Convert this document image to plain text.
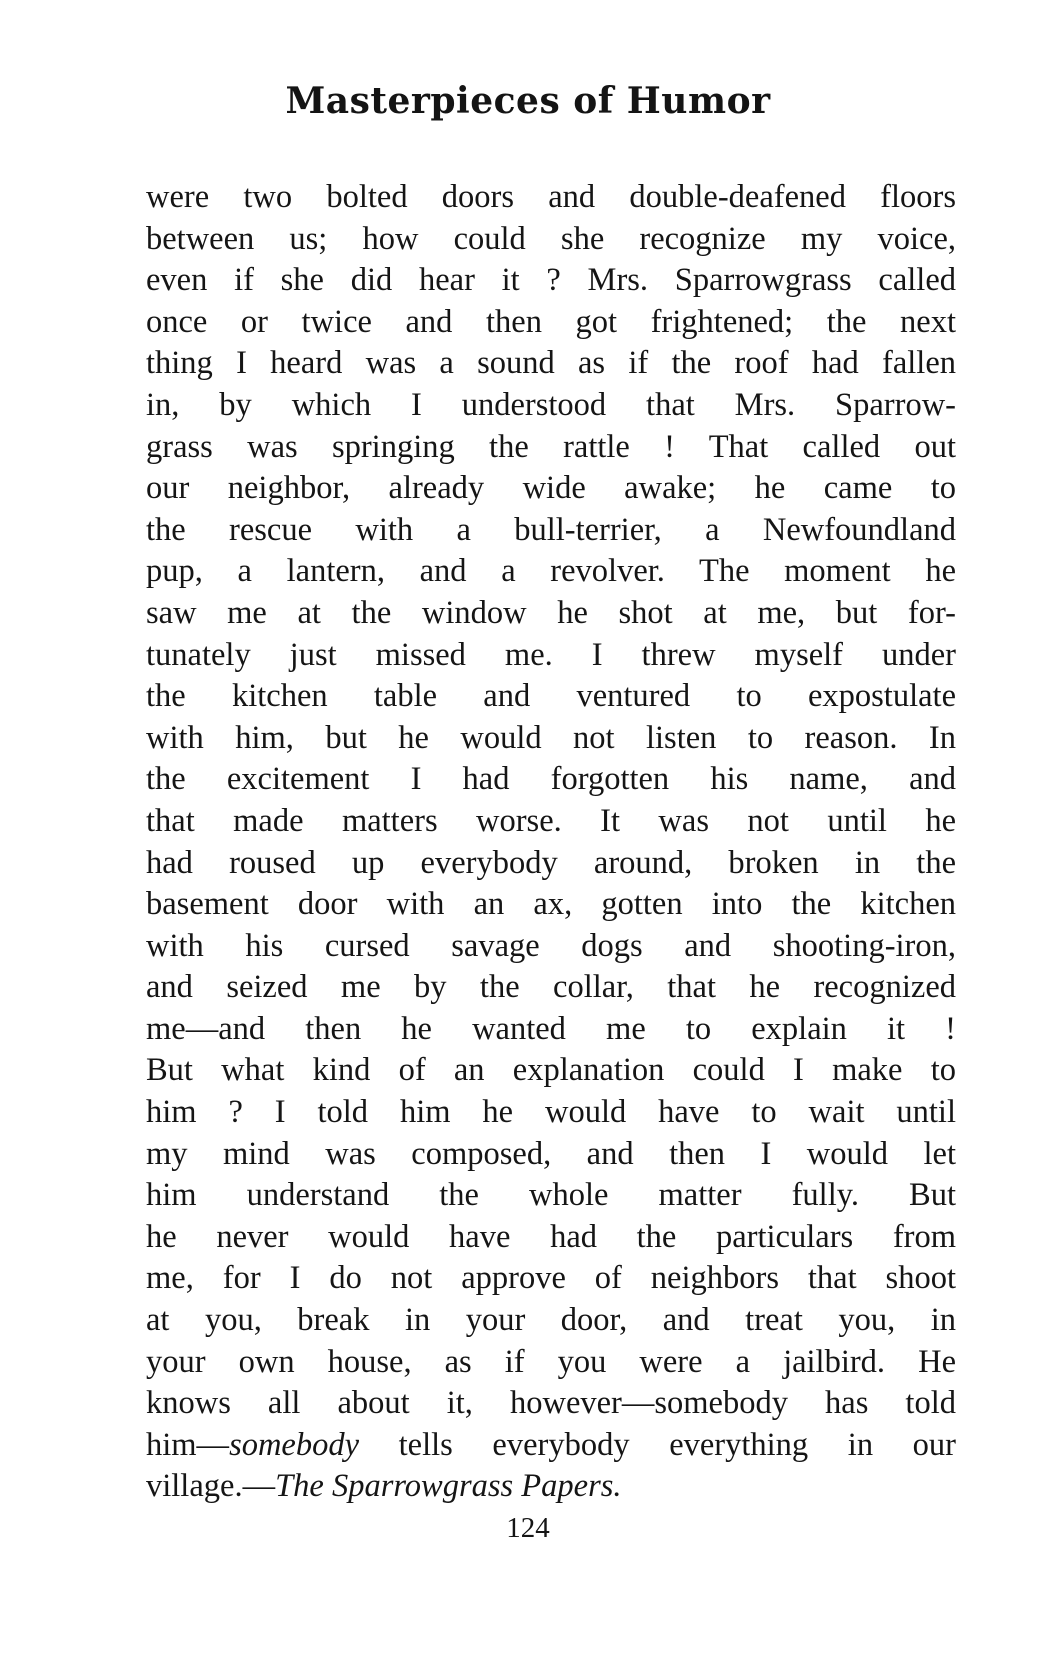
Masterpieces of Humor
were two bolted doors and double-deafened floors
between us; how could she recognize my voice,
even if she did hear it ? Mrs. Sparrowgrass called
once or twice and then got frightened; the next
thing I heard was a sound as if the roof had fallen
in, by which I understood that Mrs. Sparrow-
grass was springing the rattle ! That called out
our neighbor, already wide awake; he came to
the rescue with a bull-terrier, a Newfoundland
pup, a lantern, and a revolver. The moment he
saw me at the window he shot at me, but for-
tunately just missed me. I threw myself under
the kitchen table and ventured to expostulate
with him, but he would not listen to reason. In
the excitement I had forgotten his name, and
that made matters worse. It was not until he
had roused up everybody around, broken in the
basement door with an ax, gotten into the kitchen
with his cursed savage dogs and shooting-iron,
and seized me by the collar, that he recognized
me—and then he wanted me to explain it !
But what kind of an explanation could I make to
him ? I told him he would have to wait until
my mind was composed, and then I would let
him understand the whole matter fully. But
he never would have had the particulars from
me, for I do not approve of neighbors that shoot
at you, break in your door, and treat you, in
your own house, as if you were a jailbird. He
knows all about it, however—somebody has told
him—somebody tells everybody everything in our
village.—The Sparrowgrass Papers.
124
